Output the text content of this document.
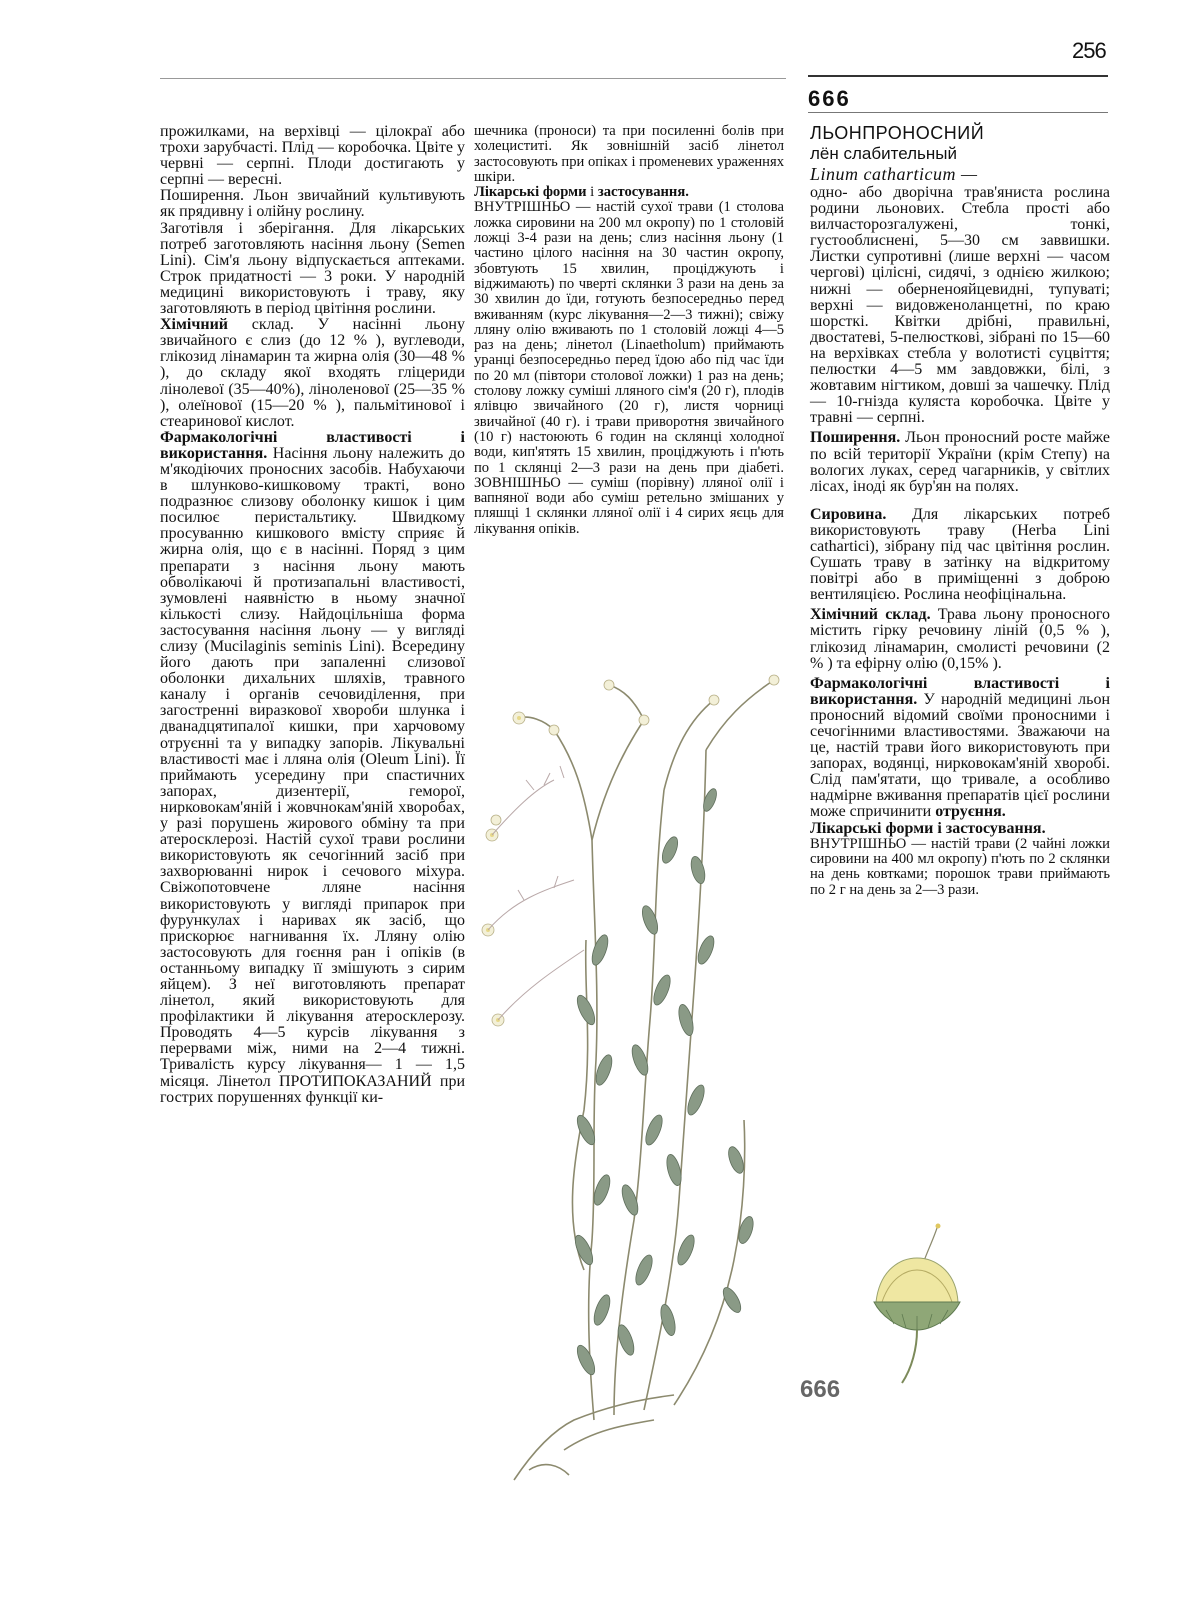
256
666

прожилками, на верхівці — цілокраї або трохи зарубчасті. Плід — коробочка. Цвіте у червні — серпні. Плоди достигають у серпні — вересні.

Поширення. Льон звичайний культивують як прядивну і олійну рослину.

Заготівля і зберігання. Для лікарських потреб заготовляють насіння льону (Semen Lini). Сім'я льону відпускається аптеками. Строк придатності — 3 роки. У народній медицині використовують і траву, яку заготовляють в період цвітіння рослини.

Хімічний склад. У насінні льону звичайного є слиз (до 12 % ), вуглеводи, глікозид лінамарин та жирна олія (30—48 % ), до складу якої входять гліцериди лінолевої (35—40%), ліноленової (25—35 % ), олеїнової (15—20 % ), пальмітинової і стеаринової кислот.

Фармакологічні властивості і використання. Насіння льону належить до м'якодіючих проносних засобів. Набухаючи в шлунково-кишковому тракті, воно подразнює слизову оболонку кишок і цим посилює перистальтику. Швидкому просуванню кишкового вмісту сприяє й жирна олія, що є в насінні. Поряд з цим препарати з насіння льону мають обволікаючі й протизапальні властивості, зумовлені наявністю в ньому значної кількості слизу. Найдоцільніша форма застосування насіння льону — у вигляді слизу (Mucilaginis seminis Lini). Всередину його дають при запаленні слизової оболонки дихальних шляхів, травного каналу і органів сечовиділення, при загостренні виразкової хвороби шлунка і дванадцятипалої кишки, при харчовому отруєнні та у випадку запорів. Лікувальні властивості має і лляна олія (Oleum Lini). Її приймають усередину при спастичних запорах, дизентерії, геморої, нирковокам'яній і жовчнокам'яній хворобах, у разі порушень жирового обміну та при атеросклерозі. Настій сухої трави рослини використовують як сечогінний засіб при захворюванні нирок і сечового міхура. Свіжопотовчене лляне насіння використовують у вигляді припарок при фурункулах і наривах як засіб, що прискорює нагнивання їх. Лляну олію застосовують для гоєння ран і опіків (в останньому випадку її змішують з сирим яйцем). З неї виготовляють препарат лінетол, який використовують для профілактики й лікування атеросклерозу. Проводять 4—5 курсів лікування з перервами між, ними на 2—4 тижні. Тривалість курсу лікування— 1 — 1,5 місяця. Лінетол ПРОТИПОКАЗАНИЙ при гострих порушеннях функції ки-

шечника (проноси) та при посиленні болів при холециститі. Як зовнішній засіб лінетол застосовують при опіках і променевих ураженнях шкіри.

Лікарські форми і застосування.

ВНУТРІШНЬО — настій сухої трави (1 столова ложка сировини на 200 мл окропу) по 1 столовій ложці 3-4 рази на день; слиз насіння льону (1 частино цілого насіння на 30 частин окропу, збовтують 15 хвилин, проціджують і віджимають) по чверті склянки 3 рази на день за 30 хвилин до їди, готують безпосередньо перед вживанням (курс лікування—2—3 тижні); свіжу лляну олію вживають по 1 столовій ложці 4—5 раз на день; лінетол (Linaetholum) приймають уранці безпосередньо перед їдою або під час їди по 20 мл (півтори столової ложки) 1 раз на день; столову ложку суміші лляного сім'я (20 г), плодів ялівцю звичайного (20 г), листя чорниці звичайної (40 г). і трави приворотня звичайного (10 г) настоюють 6 годин на склянці холодної води, кип'ятять 15 хвилин, проціджують і п'ють по 1 склянці 2—3 рази на день при діабеті. ЗОВНІШНЬО — суміш (порівну) лляної олії і вапняної води або суміш ретельно змішаних у пляшці 1 склянки лляної олії і 4 сирих яєць для лікування опіків.

666

ЛЬОНПРОНОСНИЙ

лён слабительный

Linum catharticum —

одно- або дворічна трав'яниста рослина родини льонових. Стебла прості або вилчасторозгалужені, тонкі, густооблиснені, 5—30 см заввишки. Листки супротивні (лише верхні — часом чергові) цілісні, сидячі, з однією жилкою; нижні — оберненояйцевидні, тупуваті; верхні — видовженоланцетні, по краю шорсткі. Квітки дрібні, правильні, двостатеві, 5-пелюсткові, зібрані по 15—60 на верхівках стебла у волотисті суцвіття; пелюстки 4—5 мм завдовжки, білі, з жовтавим нігтиком, довші за чашечку. Плід — 10-гнізда куляста коробочка. Цвіте у травні — серпні.

Поширення. Льон проносний росте майже по всій території України (крім Степу) на вологих луках, серед чагарників, у світлих лісах, іноді як бур'ян на полях.

Сировина. Для лікарських потреб використовують траву (Herba Lini cathartici), зібрану під час цвітіння рослин. Сушать траву в затінку на відкритому повітрі або в приміщенні з доброю вентиляцією. Рослина неофіцінальна.

Хімічний склад. Трава льону проносного містить гірку речовину ліній (0,5 % ), глікозид лінамарин, смолисті речовини (2 % ) та ефірну олію (0,15% ).

Фармакологічні властивості і використання. У народній медицині льон проносний відомий своїми проносними і сечогінними властивостями. Зважаючи на це, настій трави його використовують при запорах, водянці, нирковокам'яній хворобі. Слід пам'ятати, що тривале, а особливо надмірне вживання препаратів цієї рослини може спричинити отруєння.

Лікарські форми і застосування.

ВНУТРІШНЬО — настій трави (2 чайні ложки сировини на 400 мл окропу) п'ють по 2 склянки на день ковтками; порошок трави приймають по 2 г на день за 2—3 рази.
